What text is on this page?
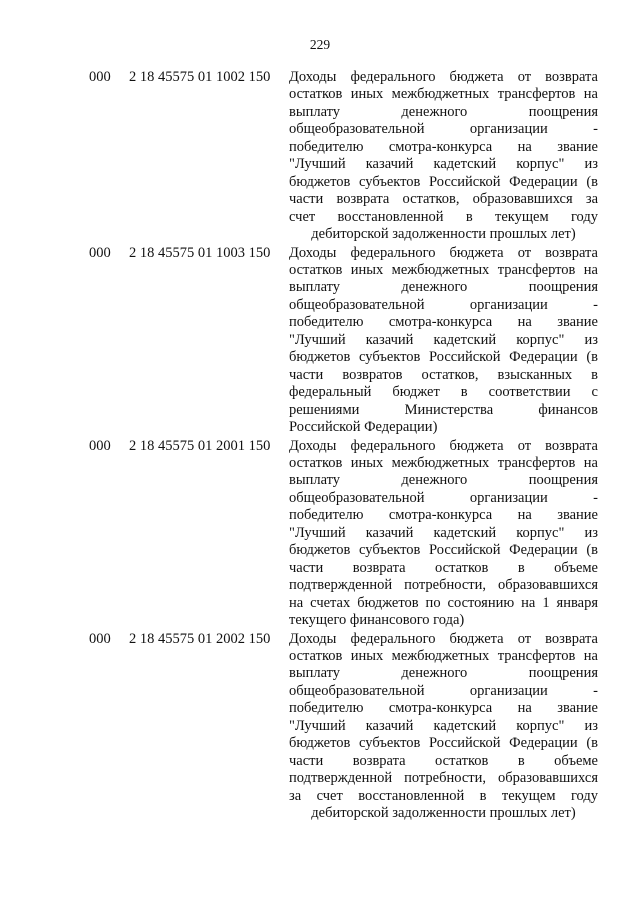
229
000 2 18 45575 01 1002 150 Доходы федерального бюджета от возврата
остатков иных межбюджетных трансфертов на
выплату денежного поощрения
общеобразовательной организации -
победителю смотра-конкурса на звание
"Лучший казачий кадетский корпус" из
бюджетов субъектов Российской Федерации (в
части возврата остатков, образовавшихся за
счет восстановленной в текущем году
дебиторской задолженности прошлых лет)
000 2 18 45575 01 1003 150 Доходы федерального бюджета от возврата
остатков иных межбюджетных трансфертов на
выплату денежного поощрения
общеобразовательной организации -
победителю смотра-конкурса на звание
"Лучший казачий кадетский корпус" из
бюджетов субъектов Российской Федерации (в
части возвратов остатков, взысканных в
федеральный бюджет в соответствии с
решениями Министерства финансов
Российской Федерации)
000 2 18 45575 01 2001 150 Доходы федерального бюджета от возврата
остатков иных межбюджетных трансфертов на
выплату денежного поощрения
общеобразовательной организации -
победителю смотра-конкурса на звание
"Лучший казачий кадетский корпус" из
бюджетов субъектов Российской Федерации (в
части возврата остатков в объеме
подтвержденной потребности, образовавшихся
на счетах бюджетов по состоянию на 1 января
текущего финансового года)
000 2 18 45575 01 2002 150 Доходы федерального бюджета от возврата
остатков иных межбюджетных трансфертов на
выплату денежного поощрения
общеобразовательной организации -
победителю смотра-конкурса на звание
"Лучший казачий кадетский корпус" из
бюджетов субъектов Российской Федерации (в
части возврата остатков в объеме
подтвержденной потребности, образовавшихся
за счет восстановленной в текущем году
дебиторской задолженности прошлых лет)
